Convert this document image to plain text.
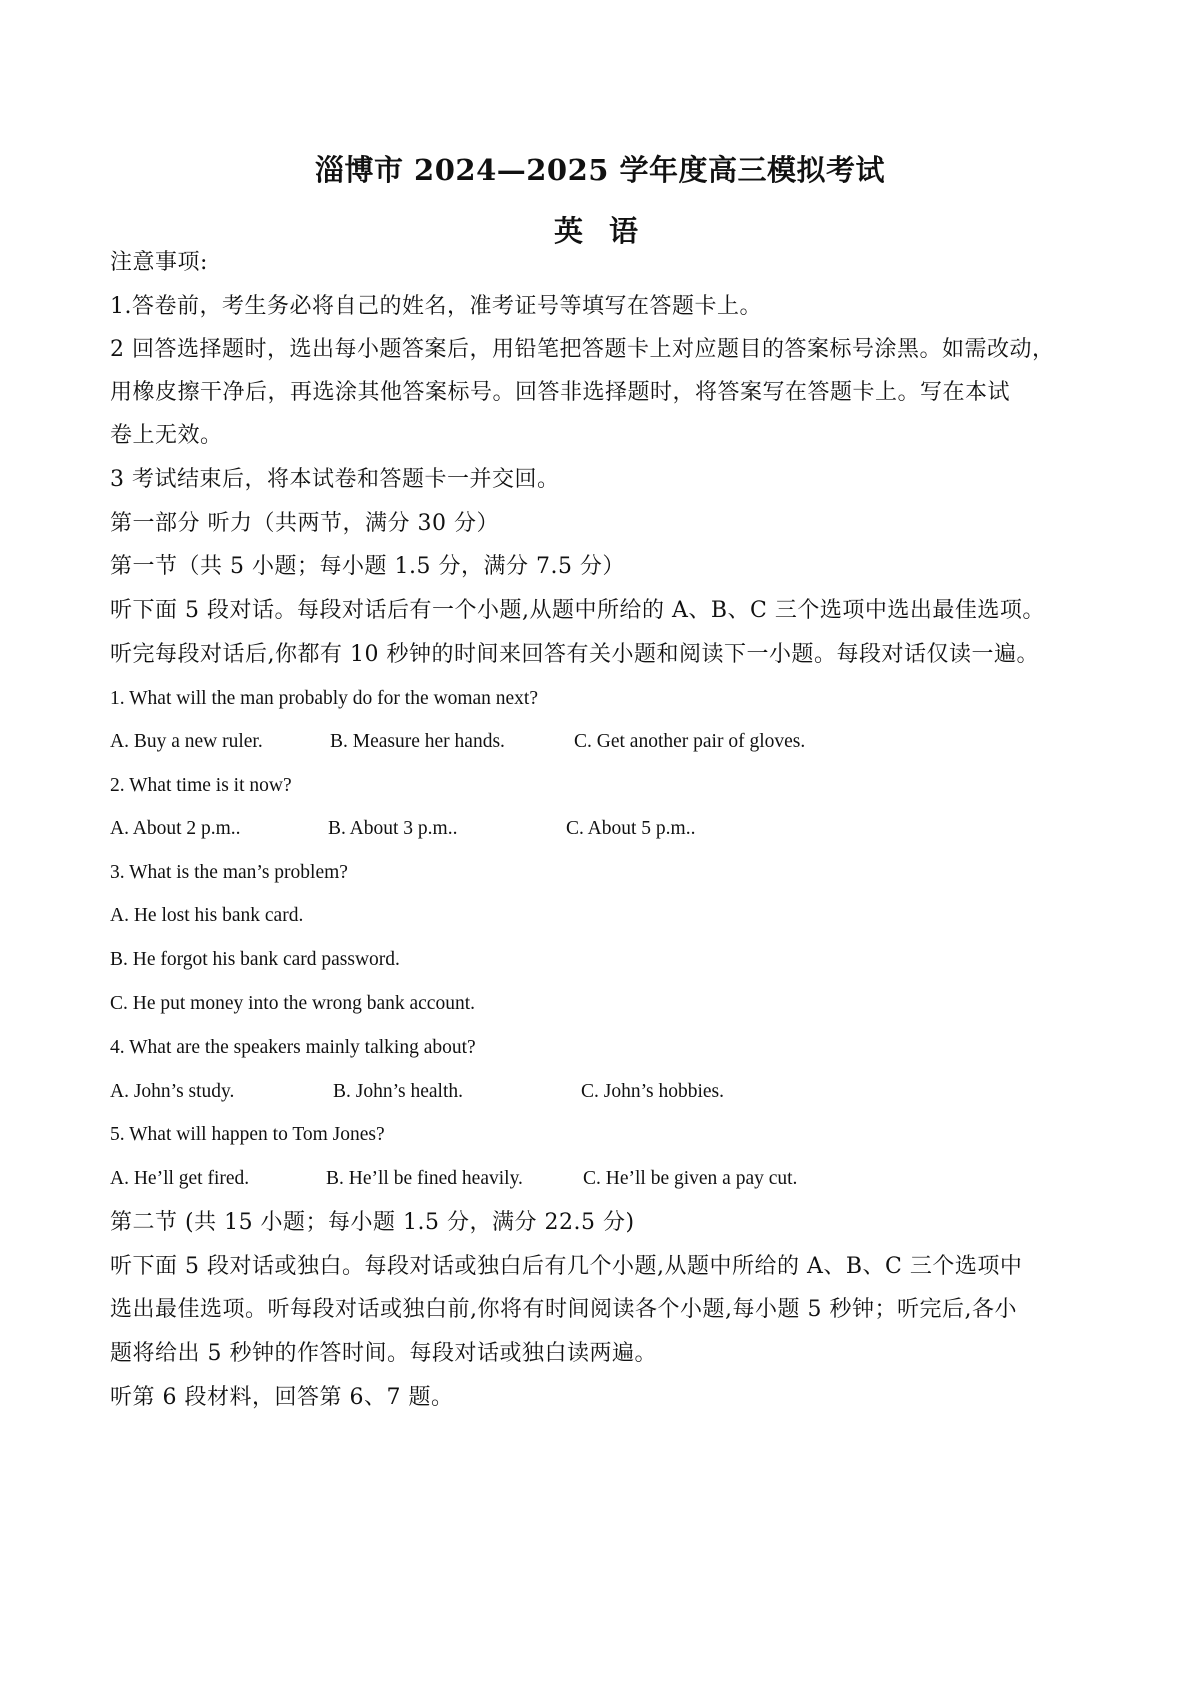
淄博市 2024—2025 学年度高三模拟考试
英 语
注意事项:
1.答卷前，考生务必将自己的姓名，准考证号等填写在答题卡上。
2 回答选择题时，选出每小题答案后，用铅笔把答题卡上对应题目的答案标号涂黑。如需改动，
用橡皮擦干净后，再选涂其他答案标号。回答非选择题时，将答案写在答题卡上。写在本试
卷上无效。
3 考试结束后，将本试卷和答题卡一并交回。
第一部分 听力（共两节，满分 30 分）
第一节（共 5 小题；每小题 1.5 分，满分 7.5 分）
听下面 5 段对话。每段对话后有一个小题,从题中所给的 A、B、C 三个选项中选出最佳选项。
听完每段对话后,你都有 10 秒钟的时间来回答有关小题和阅读下一小题。每段对话仅读一遍。
1. What will the man probably do for the woman next?
A. Buy a new ruler.	B. Measure her hands.	C. Get another pair of gloves.
2. What time is it now?
A. About 2 p.m..	B. About 3 p.m..	C. About 5 p.m..
3. What is the man’s problem?
A. He lost his bank card.
B. He forgot his bank card password.
C. He put money into the wrong bank account.
4. What are the speakers mainly talking about?
A. John’s study.	B. John’s health.	C. John’s hobbies.
5. What will happen to Tom Jones?
A. He’ll get fired.	B. He’ll be fined heavily.	C. He’ll be given a pay cut.
第二节 (共 15 小题；每小题 1.5 分，满分 22.5 分)
听下面 5 段对话或独白。每段对话或独白后有几个小题,从题中所给的 A、B、C 三个选项中
选出最佳选项。听每段对话或独白前,你将有时间阅读各个小题,每小题 5 秒钟；听完后,各小
题将给出 5 秒钟的作答时间。每段对话或独白读两遍。
听第 6 段材料，回答第 6、7 题。
